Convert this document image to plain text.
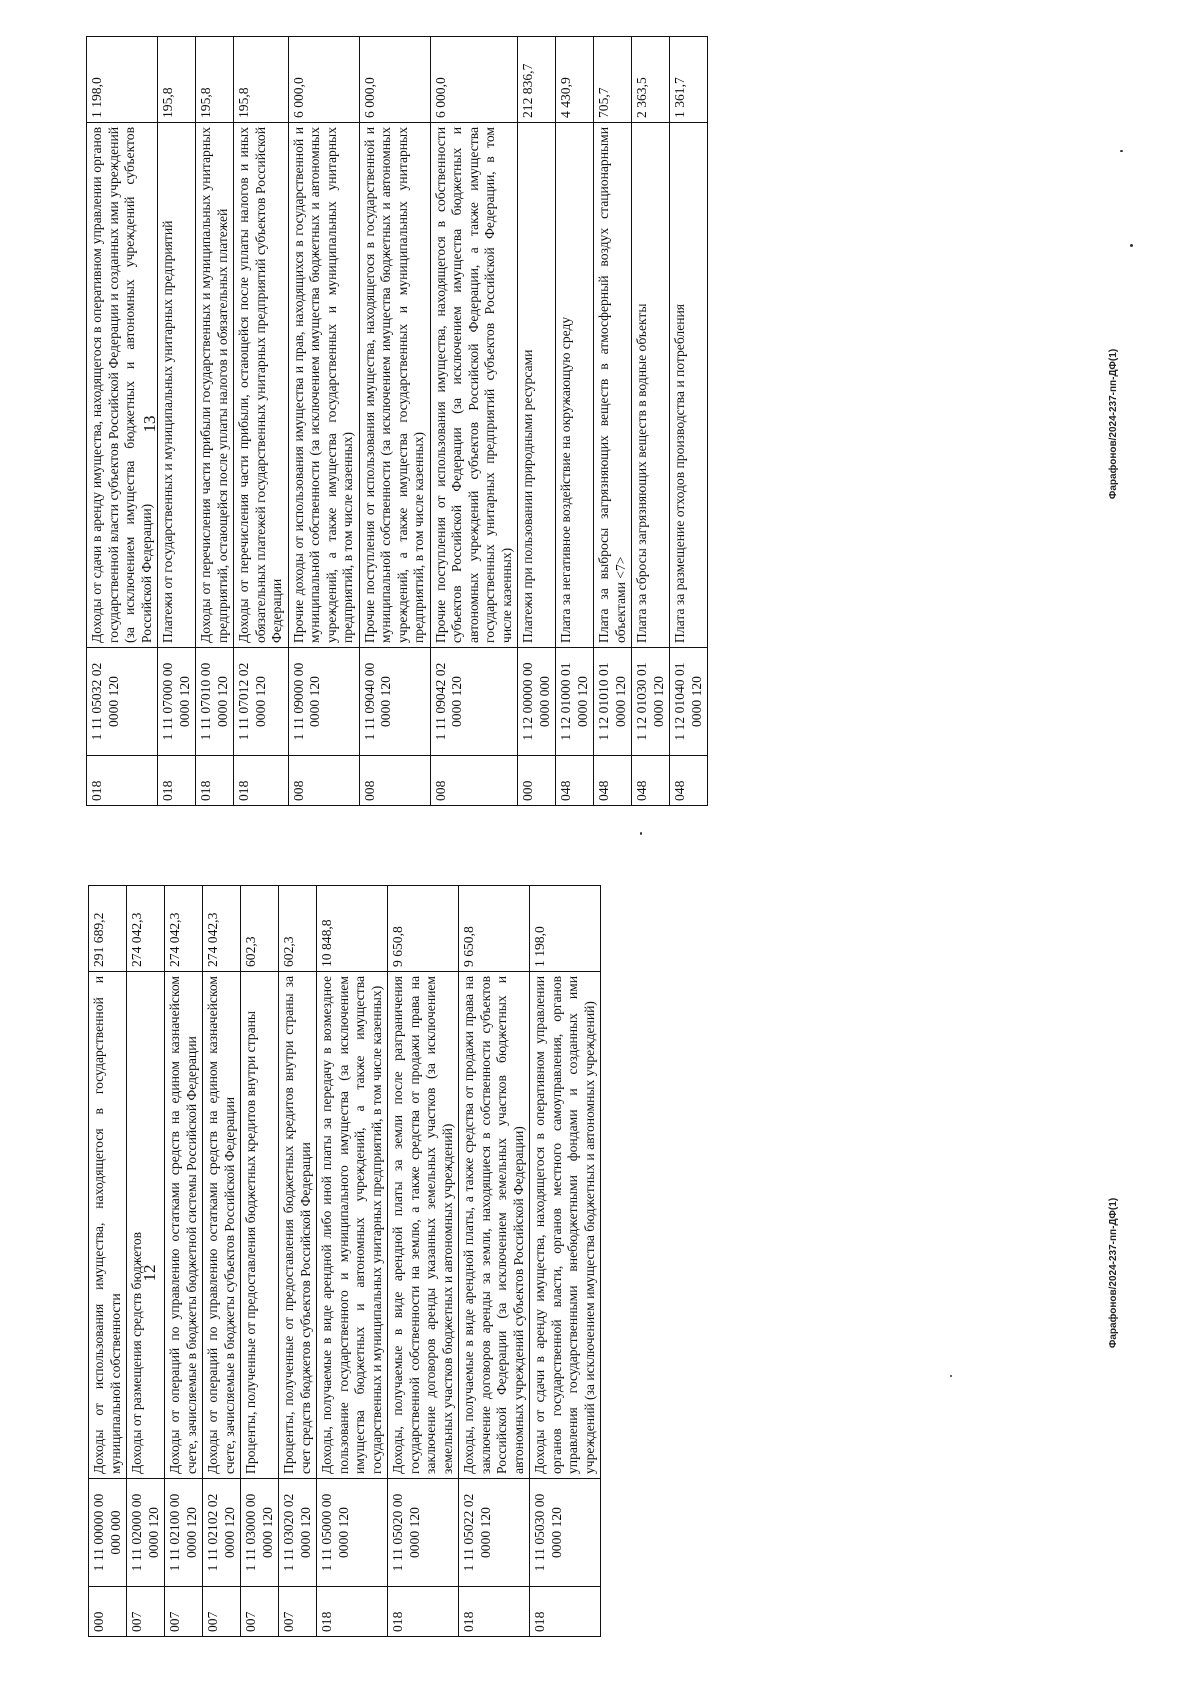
12
000	1 11 00000 00 000 000	Доходы от использования имущества, находящегося в государственной и муниципальной собственности	291 689,2
007	1 11 02000 00 0000 120	Доходы от размещения средств бюджетов	274 042,3
007	1 11 02100 00 0000 120	Доходы от операций по управлению остатками средств на едином казначейском счете, зачисляемые в бюджеты бюджетной системы Российской Федерации	274 042,3
007	1 11 02102 02 0000 120	Доходы от операций по управлению остатками средств на едином казначейском счете, зачисляемые в бюджеты субъектов Российской Федерации	274 042,3
007	1 11 03000 00 0000 120	Проценты, полученные от предоставления бюджетных кредитов внутри страны	602,3
007	1 11 03020 02 0000 120	Проценты, полученные от предоставления бюджетных кредитов внутри страны за счет средств бюджетов субъектов Российской Федерации	602,3
018	1 11 05000 00 0000 120	Доходы, получаемые в виде арендной либо иной платы за передачу в возмездное пользование государственного и муниципального имущества (за исключением имущества бюджетных и автономных учреждений, а также имущества государственных и муниципальных унитарных предприятий, в том числе казенных)	10 848,8
018	1 11 05020 00 0000 120	Доходы, получаемые в виде арендной платы за земли после разграничения государственной собственности на землю, а также средства от продажи права на заключение договоров аренды указанных земельных участков (за исключением земельных участков бюджетных и автономных учреждений)	9 650,8
018	1 11 05022 02 0000 120	Доходы, получаемые в виде арендной платы, а также средства от продажи права на заключение договоров аренды за земли, находящиеся в собственности субъектов Российской Федерации (за исключением земельных участков бюджетных и автономных учреждений субъектов Российской Федерации)	9 650,8
018	1 11 05030 00 0000 120	Доходы от сдачи в аренду имущества, находящегося в оперативном управлении органов государственной власти, органов местного самоуправления, органов управления государственными внебюджетными фондами и созданных ими учреждений (за исключением имущества бюджетных и автономных учреждений)	1 198,0
Фарафонов/2024-237-пп-ДФ(1)
13
018	1 11 05032 02 0000 120	Доходы от сдачи в аренду имущества, находящегося в оперативном управлении органов государственной власти субъектов Российской Федерации и созданных ими учреждений (за исключением имущества бюджетных и автономных учреждений субъектов Российской Федерации)	1 198,0
018	1 11 07000 00 0000 120	Платежи от государственных и муниципальных унитарных предприятий	195,8
018	1 11 07010 00 0000 120	Доходы от перечисления части прибыли государственных и муниципальных унитарных предприятий, остающейся после уплаты налогов и обязательных платежей	195,8
018	1 11 07012 02 0000 120	Доходы от перечисления части прибыли, остающейся после уплаты налогов и иных обязательных платежей государственных унитарных предприятий субъектов Российской Федерации	195,8
008	1 11 09000 00 0000 120	Прочие доходы от использования имущества и прав, находящихся в государственной и муниципальной собственности (за исключением имущества бюджетных и автономных учреждений, а также имущества государственных и муниципальных унитарных предприятий, в том числе казенных)	6 000,0
008	1 11 09040 00 0000 120	Прочие поступления от использования имущества, находящегося в государственной и муниципальной собственности (за исключением имущества бюджетных и автономных учреждений, а также имущества государственных и муниципальных унитарных предприятий, в том числе казенных)	6 000,0
008	1 11 09042 02 0000 120	Прочие поступления от использования имущества, находящегося в собственности субъектов Российской Федерации (за исключением имущества бюджетных и автономных учреждений субъектов Российской Федерации, а также имущества государственных унитарных предприятий субъектов Российской Федерации, в том числе казенных)	6 000,0
000	1 12 00000 00 0000 000	Платежи при пользовании природными ресурсами	212 836,7
048	1 12 01000 01 0000 120	Плата за негативное воздействие на окружающую среду	4 430,9
048	1 12 01010 01 0000 120	Плата за выбросы загрязняющих веществ в атмосферный воздух стационарными объектами <7>	705,7
048	1 12 01030 01 0000 120	Плата за сбросы загрязняющих веществ в водные объекты	2 363,5
048	1 12 01040 01 0000 120	Плата за размещение отходов производства и потребления	1 361,7
Фарафонов/2024-237-пп-ДФ(1)
